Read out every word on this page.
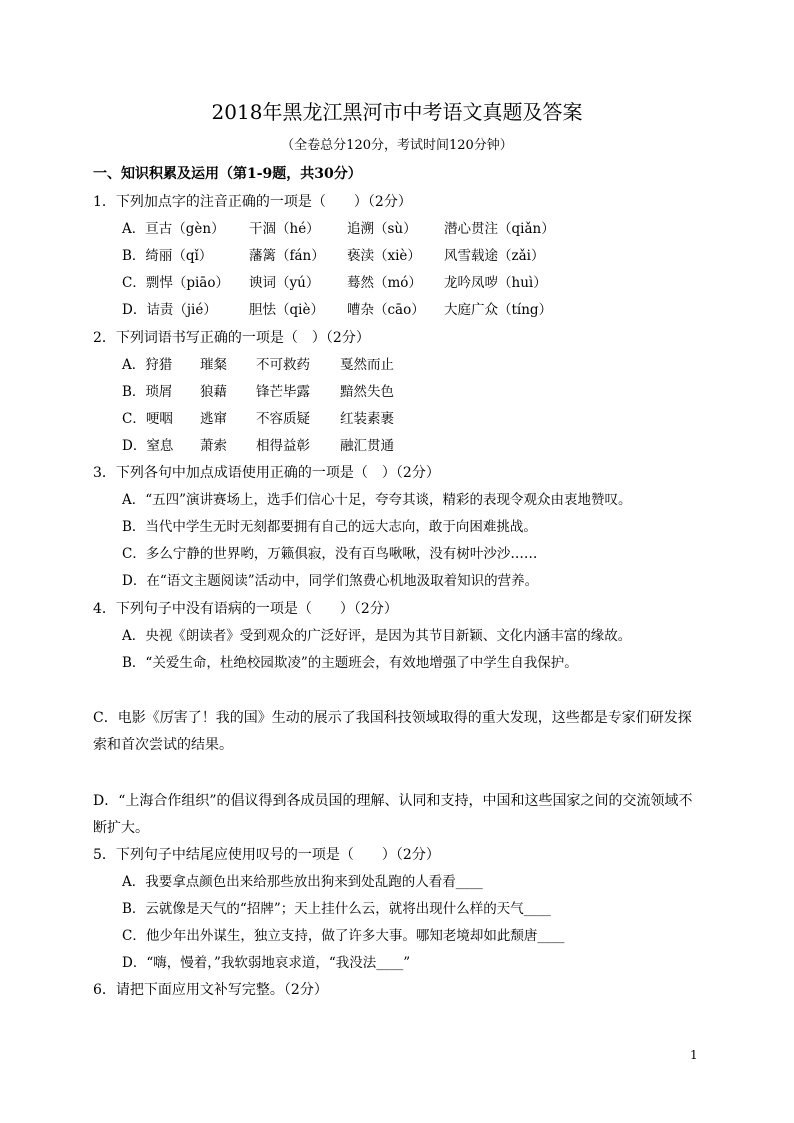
2018年黑龙江黑河市中考语文真题及答案
（全卷总分120分，考试时间120分钟）
一、知识积累及运用（第1-9题，共30分）
1．下列加点字的注音正确的一项是（　　）（2分）
A．亘古（gèn） 干涸（hé） 追溯（sù） 潜心贯注（qiǎn）
B．绮丽（qǐ）	藩篱（fán） 亵渎（xiè） 风雪载途（zǎi）
C．剽悍（piāo） 谀词（yú） 蓦然（mó） 龙吟凤哕（huì）
D．诘责（jié） 胆怯（qiè） 嘈杂（cāo） 大庭广众（tíng）
2．下列词语书写正确的一项是（　）（2分）
A．狩猎 璀粲 不可救药 戛然而止
B．琐屑 狼藉 锋芒毕露 黯然失色
C．哽咽 逃窜 不容质疑 红装素裹
D．窒息 萧索 相得益彰 融汇贯通
3．下列各句中加点成语使用正确的一项是（　）（2分）
A．“五四”演讲赛场上，选手们信心十足，夸夸其谈，精彩的表现令观众由衷地赞叹。
B．当代中学生无时无刻都要拥有自己的远大志向，敢于向困难挑战。
C．多么宁静的世界哟，万籁俱寂，没有百鸟啾啾，没有树叶沙沙……
D．在“语文主题阅读”活动中，同学们煞费心机地汲取着知识的营养。
4．下列句子中没有语病的一项是（　　）（2分）
A．央视《朗读者》受到观众的广泛好评，是因为其节目新颖、文化内涵丰富的缘故。
B．“关爱生命，杜绝校园欺凌”的主题班会，有效地增强了中学生自我保护。
C．电影《厉害了！我的国》生动的展示了我国科技领域取得的重大发现，这些都是专家们研发探索和首次尝试的结果。
D．“上海合作组织”的倡议得到各成员国的理解、认同和支持，中国和这些国家之间的交流领域不断扩大。
5．下列句子中结尾应使用叹号的一项是（　　）（2分）
A．我要拿点颜色出来给那些放出狗来到处乱跑的人看看____
B．云就像是天气的“招牌”；天上挂什么云，就将出现什么样的天气____
C．他少年出外谋生，独立支持，做了许多大事。哪知老境却如此颓唐____
D．“嗨，慢着，”我软弱地哀求道，“我没法____”
6．请把下面应用文补写完整。（2分）
1
